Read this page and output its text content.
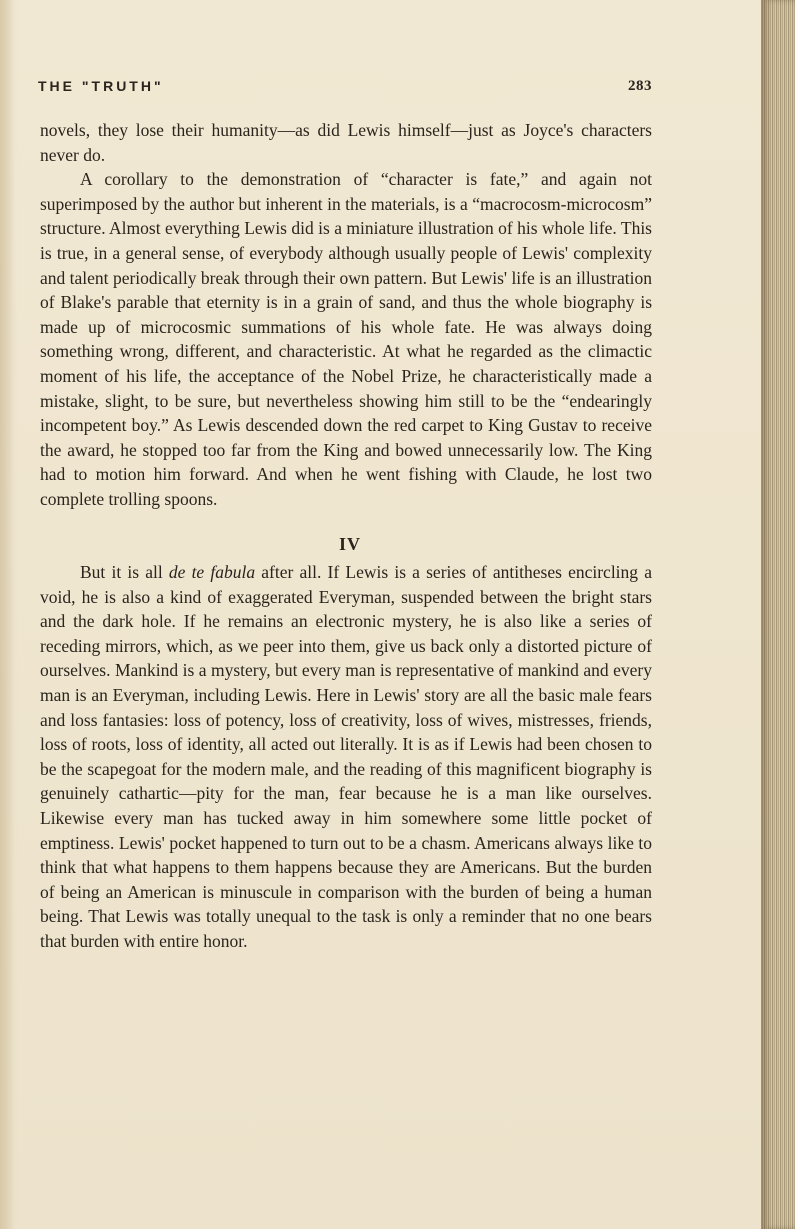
THE "TRUTH"	283

novels, they lose their humanity—as did Lewis himself—just as Joyce's characters never do.

A corollary to the demonstration of “character is fate,” and again not superimposed by the author but inherent in the materials, is a “macrocosm-microcosm” structure. Almost everything Lewis did is a miniature illustration of his whole life. This is true, in a general sense, of everybody although usually people of Lewis' complexity and talent periodically break through their own pattern. But Lewis' life is an illustration of Blake's parable that eternity is in a grain of sand, and thus the whole biography is made up of microcosmic summations of his whole fate. He was always doing something wrong, different, and characteristic. At what he regarded as the climactic moment of his life, the acceptance of the Nobel Prize, he characteristically made a mistake, slight, to be sure, but nevertheless showing him still to be the “endearingly incompetent boy.” As Lewis descended down the red carpet to King Gustav to receive the award, he stopped too far from the King and bowed unnecessarily low. The King had to motion him forward. And when he went fishing with Claude, he lost two complete trolling spoons.

IV

But it is all de te fabula after all. If Lewis is a series of antitheses encircling a void, he is also a kind of exaggerated Everyman, suspended between the bright stars and the dark hole. If he remains an electronic mystery, he is also like a series of receding mirrors, which, as we peer into them, give us back only a distorted picture of ourselves. Mankind is a mystery, but every man is representative of mankind and every man is an Everyman, including Lewis. Here in Lewis' story are all the basic male fears and loss fantasies: loss of potency, loss of creativity, loss of wives, mistresses, friends, loss of roots, loss of identity, all acted out literally. It is as if Lewis had been chosen to be the scapegoat for the modern male, and the reading of this magnificent biography is genuinely cathartic—pity for the man, fear because he is a man like ourselves. Likewise every man has tucked away in him somewhere some little pocket of emptiness. Lewis' pocket happened to turn out to be a chasm. Americans always like to think that what happens to them happens because they are Americans. But the burden of being an American is minuscule in comparison with the burden of being a human being. That Lewis was totally unequal to the task is only a reminder that no one bears that burden with entire honor.
